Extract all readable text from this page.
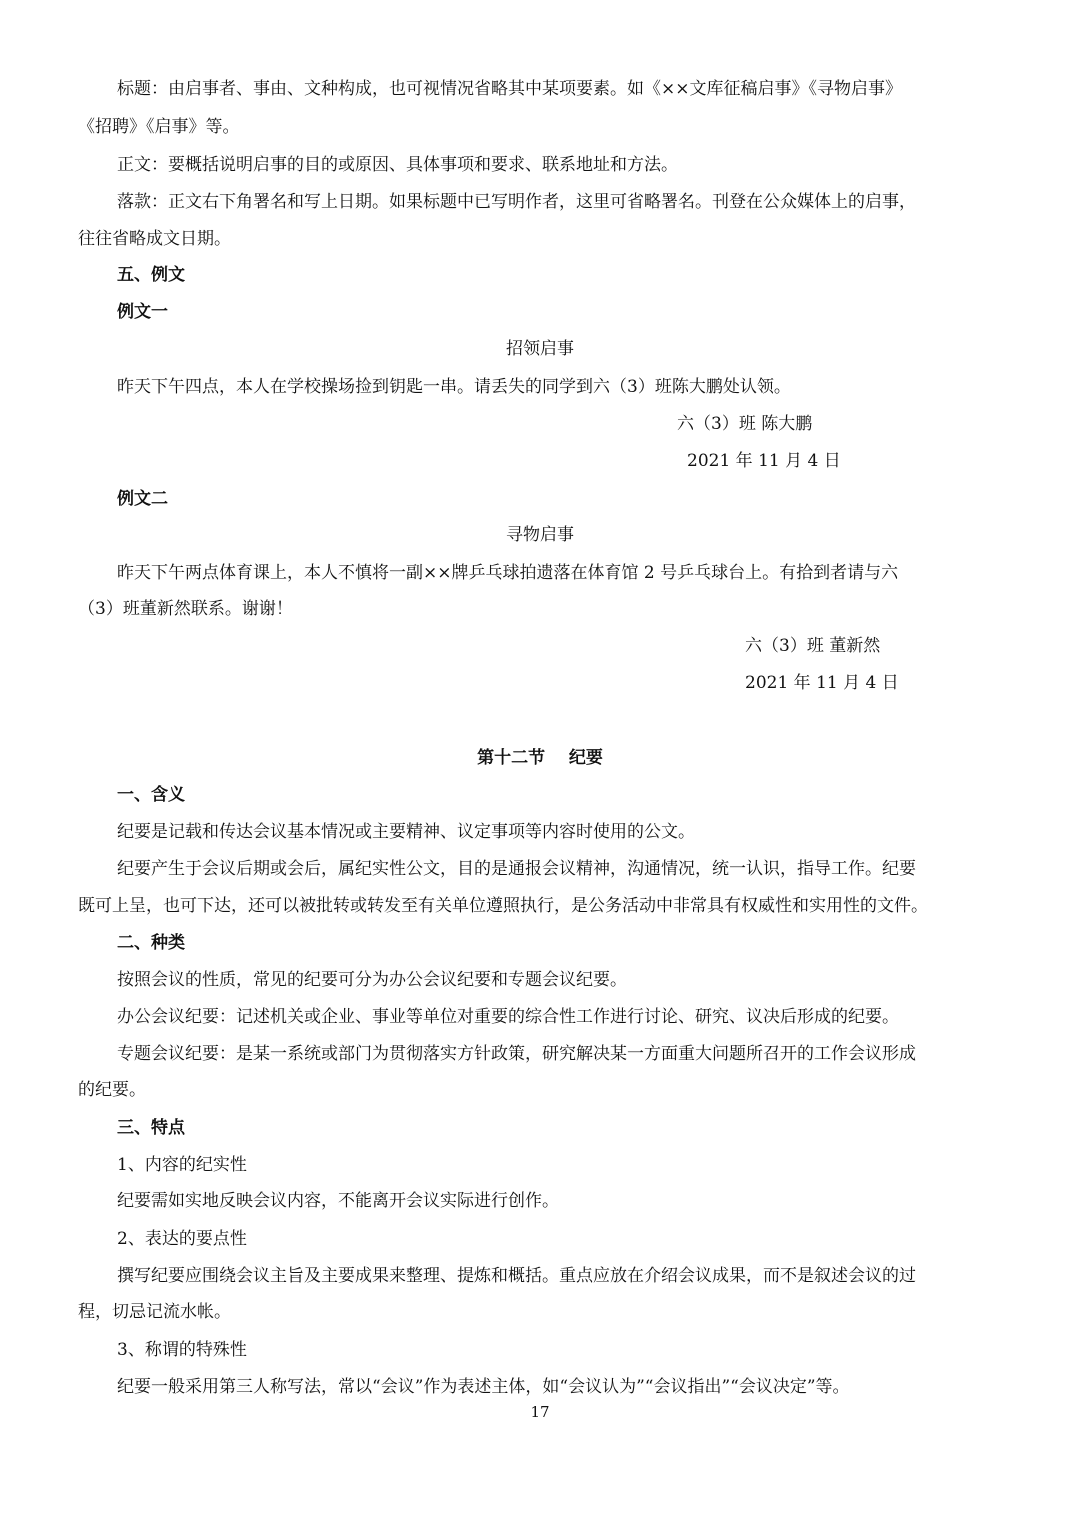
标题：由启事者、事由、文种构成，也可视情况省略其中某项要素。如《××文库征稿启事》《寻物启事》
《招聘》《启事》等。
正文：要概括说明启事的目的或原因、具体事项和要求、联系地址和方法。
落款：正文右下角署名和写上日期。如果标题中已写明作者，这里可省略署名。刊登在公众媒体上的启事，
往往省略成文日期。
五、例文
例文一
招领启事
昨天下午四点，本人在学校操场捡到钥匙一串。请丢失的同学到六（3）班陈大鹏处认领。
六（3）班 陈大鹏
2021 年 11 月 4 日
例文二
寻物启事
昨天下午两点体育课上，本人不慎将一副××牌乒乓球拍遗落在体育馆 2 号乒乓球台上。有拾到者请与六
（3）班董新然联系。谢谢！
六（3）班 董新然
2021 年 11 月 4 日
第十二节    纪要
一、含义
纪要是记载和传达会议基本情况或主要精神、议定事项等内容时使用的公文。
纪要产生于会议后期或会后，属纪实性公文，目的是通报会议精神，沟通情况，统一认识，指导工作。纪要
既可上呈，也可下达，还可以被批转或转发至有关单位遵照执行，是公务活动中非常具有权威性和实用性的文件。
二、种类
按照会议的性质，常见的纪要可分为办公会议纪要和专题会议纪要。
办公会议纪要：记述机关或企业、事业等单位对重要的综合性工作进行讨论、研究、议决后形成的纪要。
专题会议纪要：是某一系统或部门为贯彻落实方针政策，研究解决某一方面重大问题所召开的工作会议形成
的纪要。
三、特点
1、内容的纪实性
纪要需如实地反映会议内容，不能离开会议实际进行创作。
2、表达的要点性
撰写纪要应围绕会议主旨及主要成果来整理、提炼和概括。重点应放在介绍会议成果，而不是叙述会议的过
程，切忌记流水帐。
3、称谓的特殊性
纪要一般采用第三人称写法，常以“会议”作为表述主体，如“会议认为”“会议指出”“会议决定”等。
17
